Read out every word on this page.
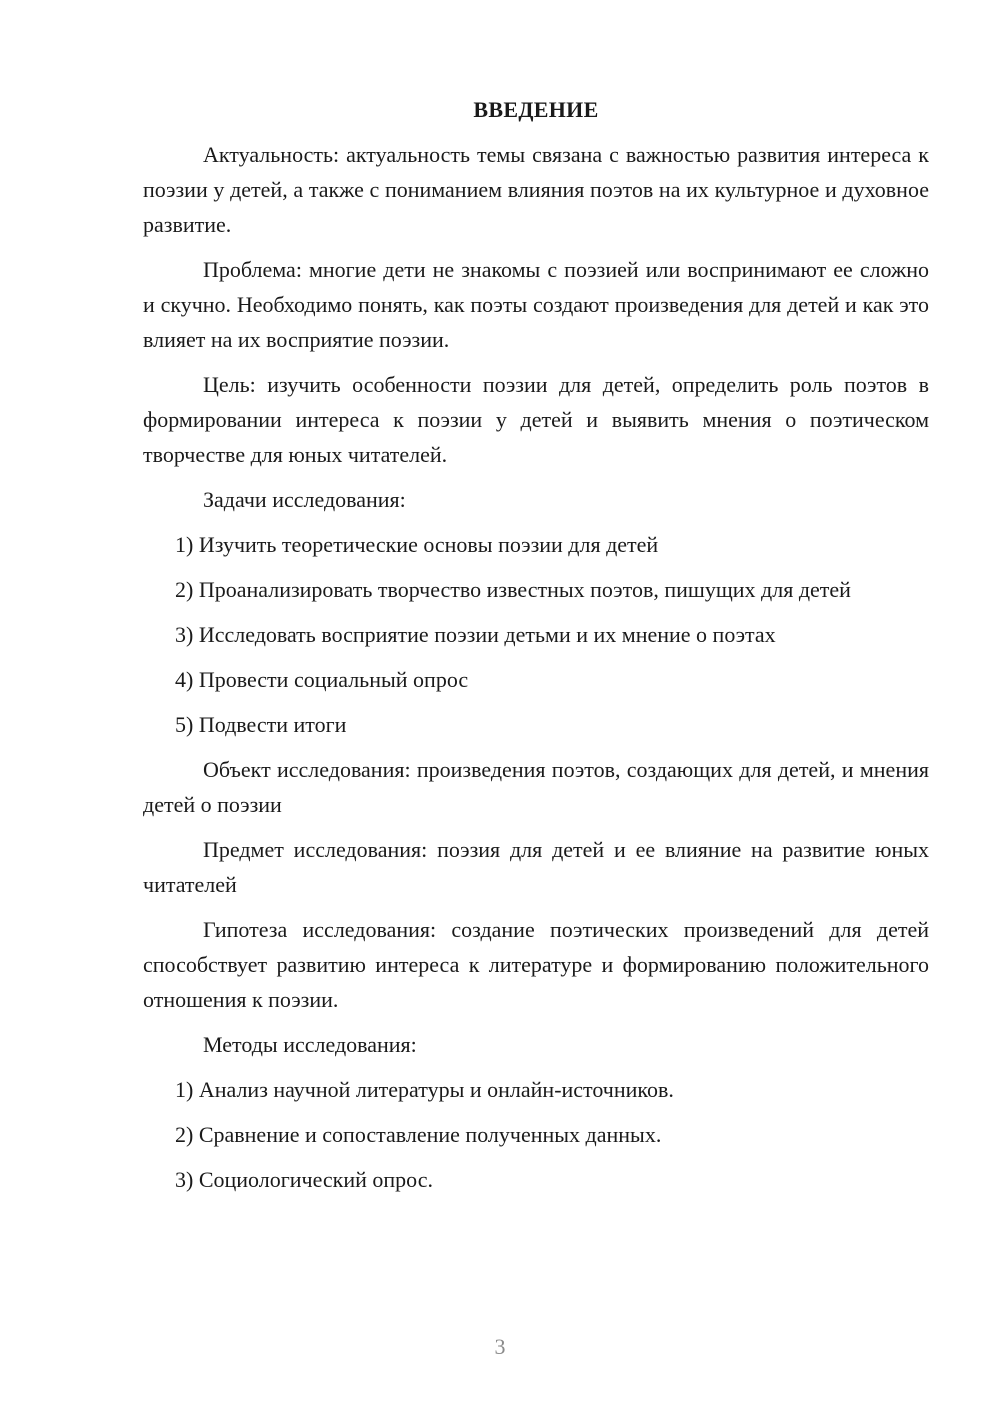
ВВЕДЕНИЕ

Актуальность: актуальность темы связана с важностью развития интереса к поэзии у детей, а также с пониманием влияния поэтов на их культурное и духовное развитие.

Проблема: многие дети не знакомы с поэзией или воспринимают ее сложно и скучно. Необходимо понять, как поэты создают произведения для детей и как это влияет на их восприятие поэзии.

Цель: изучить особенности поэзии для детей, определить роль поэтов в формировании интереса к поэзии у детей и выявить мнения о поэтическом творчестве для юных читателей.

Задачи исследования:

1) Изучить теоретические основы поэзии для детей

2) Проанализировать творчество известных поэтов, пишущих для детей

3) Исследовать восприятие поэзии детьми и их мнение о поэтах

4) Провести социальный опрос

5) Подвести итоги

Объект исследования: произведения поэтов, создающих для детей, и мнения детей о поэзии

Предмет исследования: поэзия для детей и ее влияние на развитие юных читателей

Гипотеза исследования: создание поэтических произведений для детей способствует развитию интереса к литературе и формированию положительного отношения к поэзии.

Методы исследования:

1) Анализ научной литературы и онлайн-источников.

2) Сравнение и сопоставление полученных данных.

3) Социологический опрос.

3
